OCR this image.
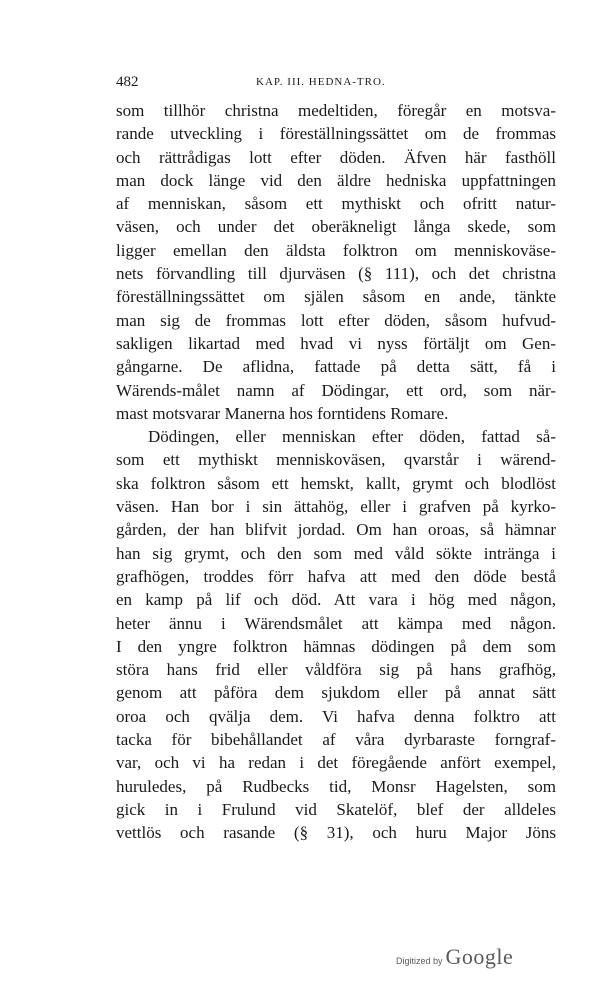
482	KAP. III. HEDNA-TRO.
som tillhör christna medeltiden, föregår en motsva-
rande utveckling i föreställningssättet om de frommas
och rättrådigas lott efter döden. Äfven här fasthöll
man dock länge vid den äldre hedniska uppfattningen
af menniskan, såsom ett mythiskt och ofritt natur-
väsen, och under det oberäkneligt långa skede, som
ligger emellan den äldsta folktron om menniskoväse-
nets förvandling till djurväsen (§ 111), och det christna
föreställningssättet om själen såsom en ande, tänkte
man sig de frommas lott efter döden, såsom hufvud-
sakligen likartad med hvad vi nyss förtäljt om Gen-
gångarne. De aflidna, fattade på detta sätt, få i
Wärends-målet namn af Dödingar, ett ord, som när-
mast motsvarar Manerna hos forntidens Romare.
Dödingen, eller menniskan efter döden, fattad så-
som ett mythiskt menniskoväsen, qvarstår i wärend-
ska folktron såsom ett hemskt, kallt, grymt och blodlöst
väsen. Han bor i sin ättahög, eller i grafven på kyrko-
gården, der han blifvit jordad. Om han oroas, så hämnar
han sig grymt, och den som med våld sökte intränga i
grafhögen, troddes förr hafva att med den döde bestå
en kamp på lif och död. Att vara i hög med någon,
heter ännu i Wärendsmålet att kämpa med någon.
I den yngre folktron hämnas dödingen på dem som
störa hans frid eller våldföra sig på hans grafhög,
genom att påföra dem sjukdom eller på annat sätt
oroa och qvälja dem. Vi hafva denna folktro att
tacka för bibehållandet af våra dyrbaraste forngraf-
var, och vi ha redan i det föregående anfört exempel,
huruledes, på Rudbecks tid, Monsr Hagelsten, som
gick in i Frulund vid Skatelöf, blef der alldeles
vettlös och rasande (§ 31), och huru Major Jöns
Digitized by Google
